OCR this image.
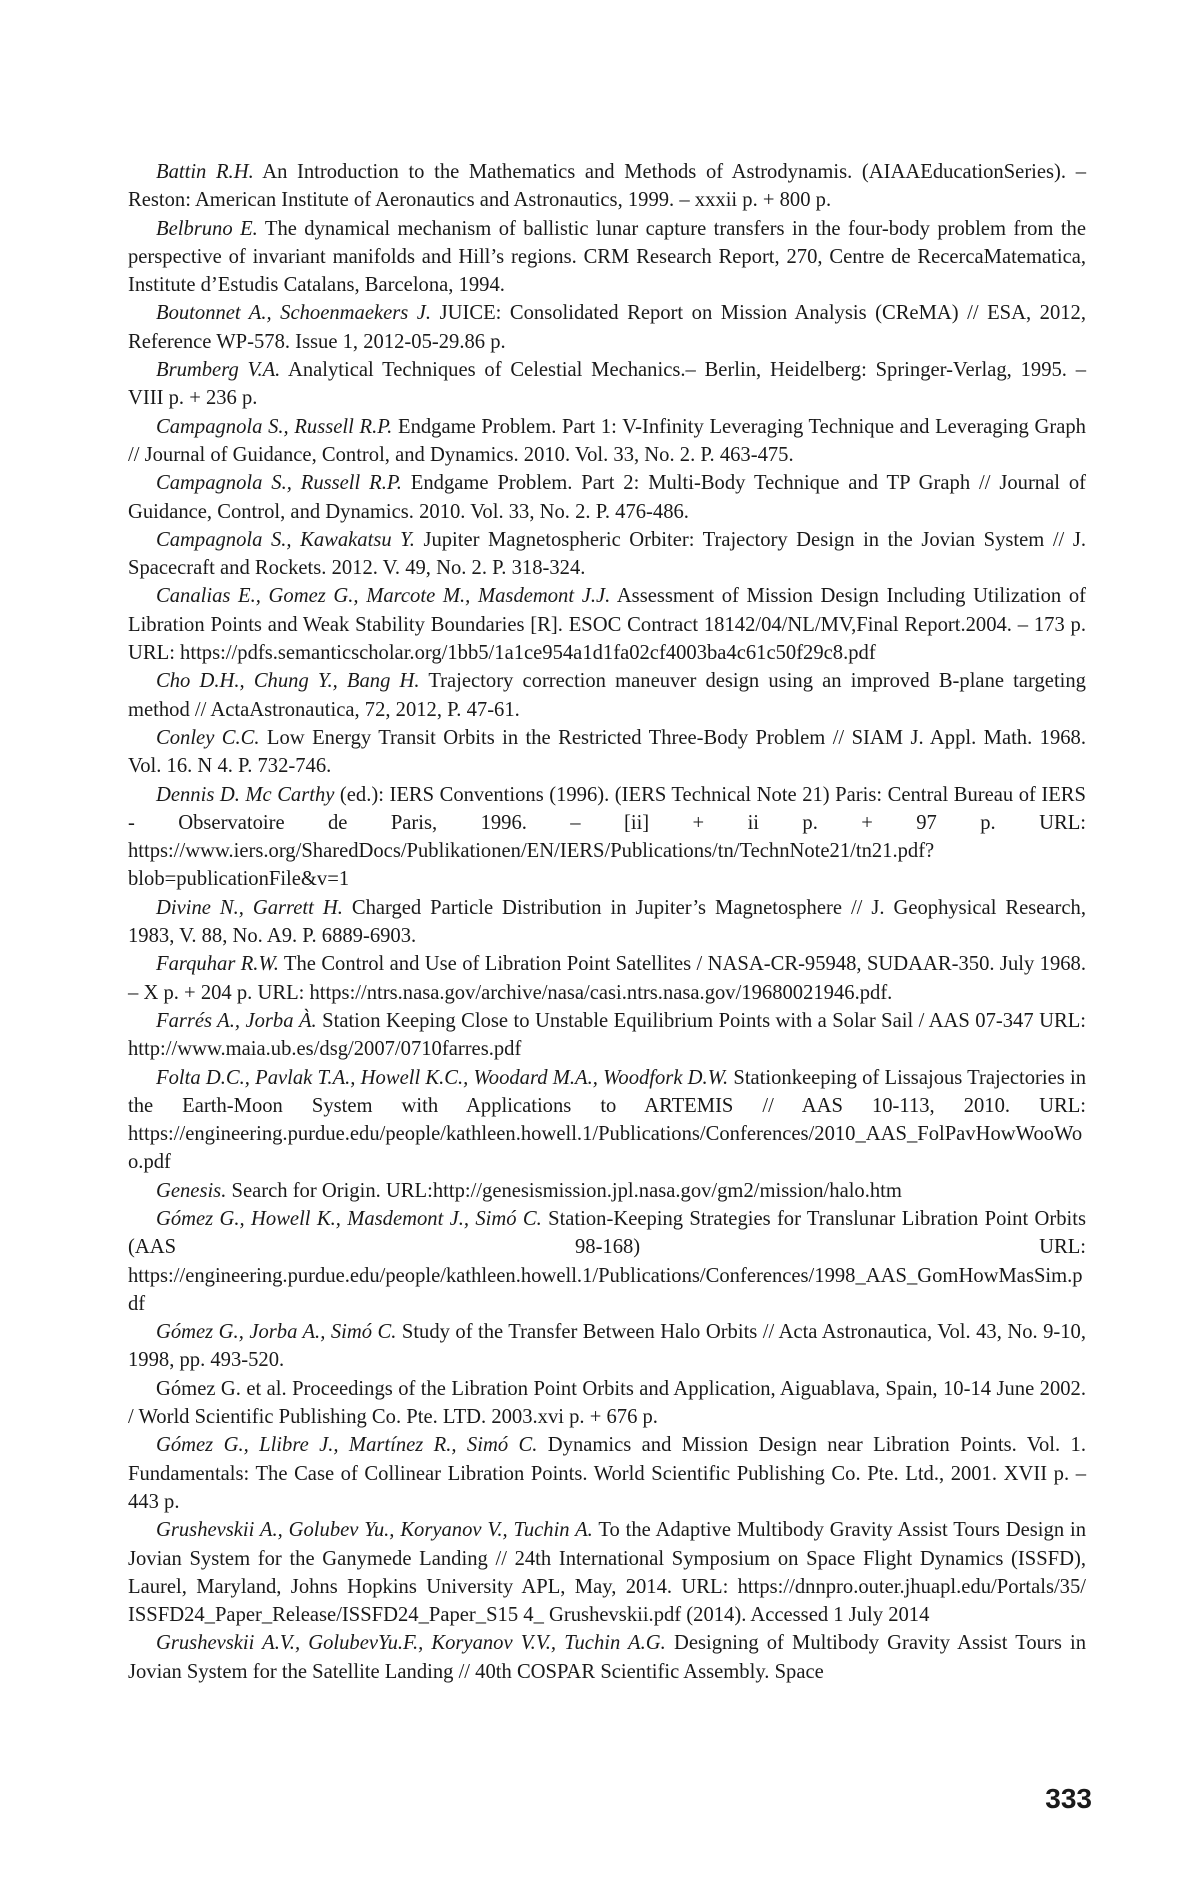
Battin R.H. An Introduction to the Mathematics and Methods of Astrodynamis. (AIAAEducationSeries). – Reston: American Institute of Aeronautics and Astronautics, 1999. – xxxii p. + 800 p.

Belbruno E. The dynamical mechanism of ballistic lunar capture transfers in the four-body problem from the perspective of invariant manifolds and Hill’s regions. CRM Research Report, 270, Centre de RecercaMatematica, Institute d’Estudis Catalans, Barcelona, 1994.

Boutonnet A., Schoenmaekers J. JUICE: Consolidated Report on Mission Analysis (CReMA) // ESA, 2012, Reference WP-578. Issue 1, 2012-05-29.86 p.

Brumberg V.A. Analytical Techniques of Celestial Mechanics.– Berlin, Heidelberg: Springer-Verlag, 1995. – VIII p. + 236 p.

Campagnola S., Russell R.P. Endgame Problem. Part 1: V-Infinity Leveraging Technique and Leveraging Graph // Journal of Guidance, Control, and Dynamics. 2010. Vol. 33, No. 2. P. 463-475.

Campagnola S., Russell R.P. Endgame Problem. Part 2: Multi-Body Technique and TP Graph // Journal of Guidance, Control, and Dynamics. 2010. Vol. 33, No. 2. P. 476-486.

Campagnola S., Kawakatsu Y. Jupiter Magnetospheric Orbiter: Trajectory Design in the Jovian System // J. Spacecraft and Rockets. 2012. V. 49, No. 2. P. 318-324.

Canalias E., Gomez G., Marcote M., Masdemont J.J. Assessment of Mission Design Including Utilization of Libration Points and Weak Stability Boundaries [R]. ESOC Contract 18142/04/NL/MV,Final Report.2004. – 173 p. URL: https://pdfs.semanticscholar.org/1bb5/1a1ce954a1d1fa02cf4003ba4c61c50f29c8.pdf

Cho D.H., Chung Y., Bang H. Trajectory correction maneuver design using an improved B-plane targeting method // ActaAstronautica, 72, 2012, P. 47-61.

Conley C.C. Low Energy Transit Orbits in the Restricted Three-Body Problem // SIAM J. Appl. Math. 1968. Vol. 16. N 4. P. 732-746.

Dennis D. Mc Carthy (ed.): IERS Conventions (1996). (IERS Technical Note 21) Paris: Central Bureau of IERS - Observatoire de Paris, 1996. – [ii] + ii p. + 97 p. URL: https://www.iers.org/SharedDocs/Publikationen/EN/IERS/Publications/tn/TechnNote21/tn21.pdf? blob=publicationFile&v=1

Divine N., Garrett H. Charged Particle Distribution in Jupiter’s Magnetosphere // J. Geophysical Research, 1983, V. 88, No. A9. P. 6889-6903.

Farquhar R.W. The Control and Use of Libration Point Satellites / NASA-CR-95948, SUDAAR-350. July 1968. – X p. + 204 p. URL: https://ntrs.nasa.gov/archive/nasa/casi.ntrs.nasa.gov/19680021946.pdf.

Farrés A., Jorba À. Station Keeping Close to Unstable Equilibrium Points with a Solar Sail / AAS 07-347 URL: http://www.maia.ub.es/dsg/2007/0710farres.pdf

Folta D.C., Pavlak T.A., Howell K.C., Woodard M.A., Woodfork D.W. Stationkeeping of Lissajous Trajectories in the Earth-Moon System with Applications to ARTEMIS // AAS 10-113, 2010. URL: https://engineering.purdue.edu/people/kathleen.howell.1/Publications/Conferences/2010_AAS_FolPavHowWooWoo.pdf

Genesis. Search for Origin. URL:http://genesismission.jpl.nasa.gov/gm2/mission/halo.htm

Gómez G., Howell K., Masdemont J., Simó C. Station-Keeping Strategies for Translunar Libration Point Orbits (AAS 98-168) URL: https://engineering.purdue.edu/people/kathleen.howell.1/Publications/Conferences/1998_AAS_GomHowMasSim.pdf

Gómez G., Jorba A., Simó C. Study of the Transfer Between Halo Orbits // Acta Astronautica, Vol. 43, No. 9-10, 1998, pp. 493-520.

Gómez G. et al. Proceedings of the Libration Point Orbits and Application, Aiguablava, Spain, 10-14 June 2002. / World Scientific Publishing Co. Pte. LTD. 2003.xvi p. + 676 p.

Gómez G., Llibre J., Martínez R., Simó C. Dynamics and Mission Design near Libration Points. Vol. 1. Fundamentals: The Case of Collinear Libration Points. World Scientific Publishing Co. Pte. Ltd., 2001. XVII p. – 443 p.

Grushevskii A., Golubev Yu., Koryanov V., Tuchin A. To the Adaptive Multibody Gravity Assist Tours Design in Jovian System for the Ganymede Landing // 24th International Symposium on Space Flight Dynamics (ISSFD), Laurel, Maryland, Johns Hopkins University APL, May, 2014. URL: https://dnnpro.outer.jhuapl.edu/Portals/35/ ISSFD24_Paper_Release/ISSFD24_Paper_S15 4_ Grushevskii.pdf (2014). Accessed 1 July 2014

Grushevskii A.V., GolubevYu.F., Koryanov V.V., Tuchin A.G. Designing of Multibody Gravity Assist Tours in Jovian System for the Satellite Landing // 40th COSPAR Scientific Assembly. Space

333
